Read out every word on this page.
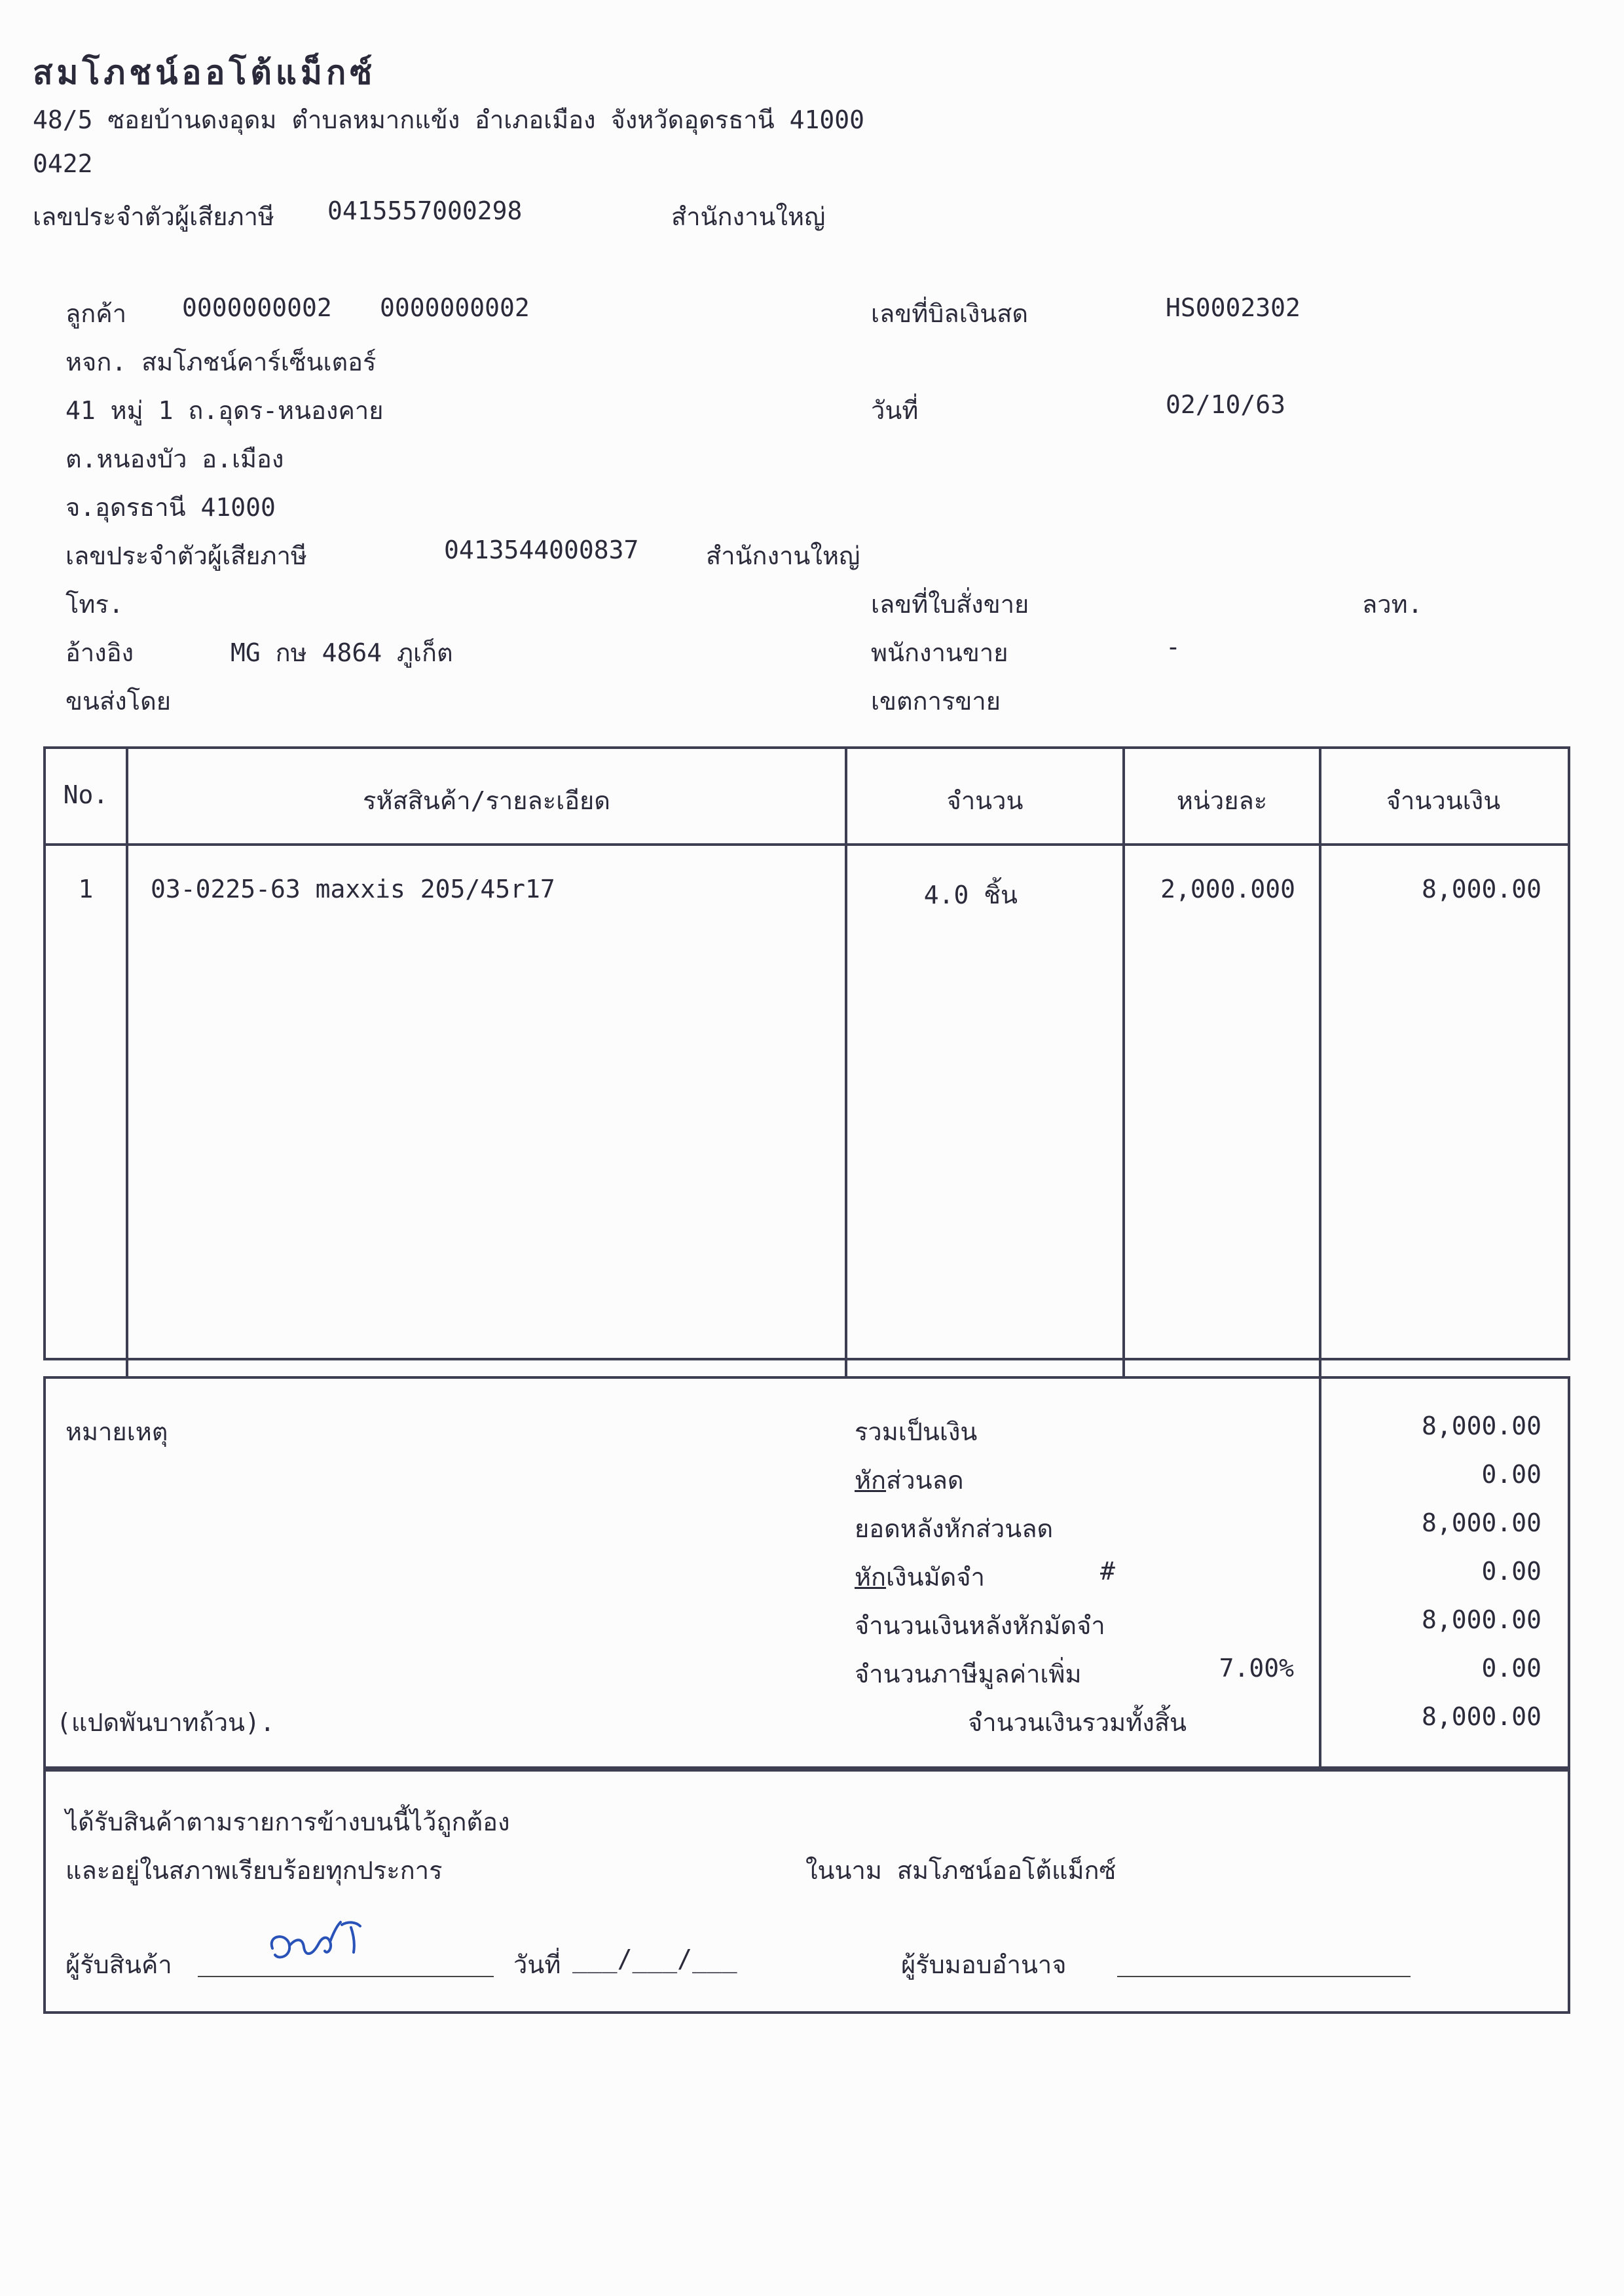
สมโภชน์ออโต้แม็กซ์
48/5 ซอยบ้านดงอุดม ตำบลหมากแข้ง อำเภอเมือง จังหวัดอุดรธานี 41000
0422
เลขประจำตัวผู้เสียภาษี 0415557000298	สำนักงานใหญ่
ลูกค้า 0000000002 0000000002	เลขที่บิลเงินสด	HS0002302
หจก. สมโภชน์คาร์เซ็นเตอร์
41 หมู่ 1 ถ.อุดร-หนองคาย	วันที่	02/10/63
ต.หนองบัว อ.เมือง
จ.อุดรธานี 41000
เลขประจำตัวผู้เสียภาษี	0413544000837	สำนักงานใหญ่
โทร.	เลขที่ใบสั่งขาย	ลวท.
อ้างอิง	MG กษ 4864 ภูเก็ต	พนักงานขาย	-
ขนส่งโดย	เขตการขาย
No.	รหัสสินค้า/รายละเอียด	จำนวน	หน่วยละ	จำนวนเงิน
1	03-0225-63 maxxis 205/45r17	4.0 ชิ้น	2,000.000	8,000.00
หมายเหตุ	รวมเป็นเงิน	8,000.00
หักส่วนลด	0.00
ยอดหลังหักส่วนลด	8,000.00
หักเงินมัดจำ	#	0.00
จำนวนเงินหลังหักมัดจำ	8,000.00
จำนวนภาษีมูลค่าเพิ่ม	7.00%	0.00
(แปดพันบาทถ้วน).	จำนวนเงินรวมทั้งสิ้น	8,000.00
ได้รับสินค้าตามรายการข้างบนนี้ไว้ถูกต้อง
และอยู่ในสภาพเรียบร้อยทุกประการ	ในนาม สมโภชน์ออโต้แม็กซ์
ผู้รับสินค้า	วันที่ ___/___/___	ผู้รับมอบอำนาจ
